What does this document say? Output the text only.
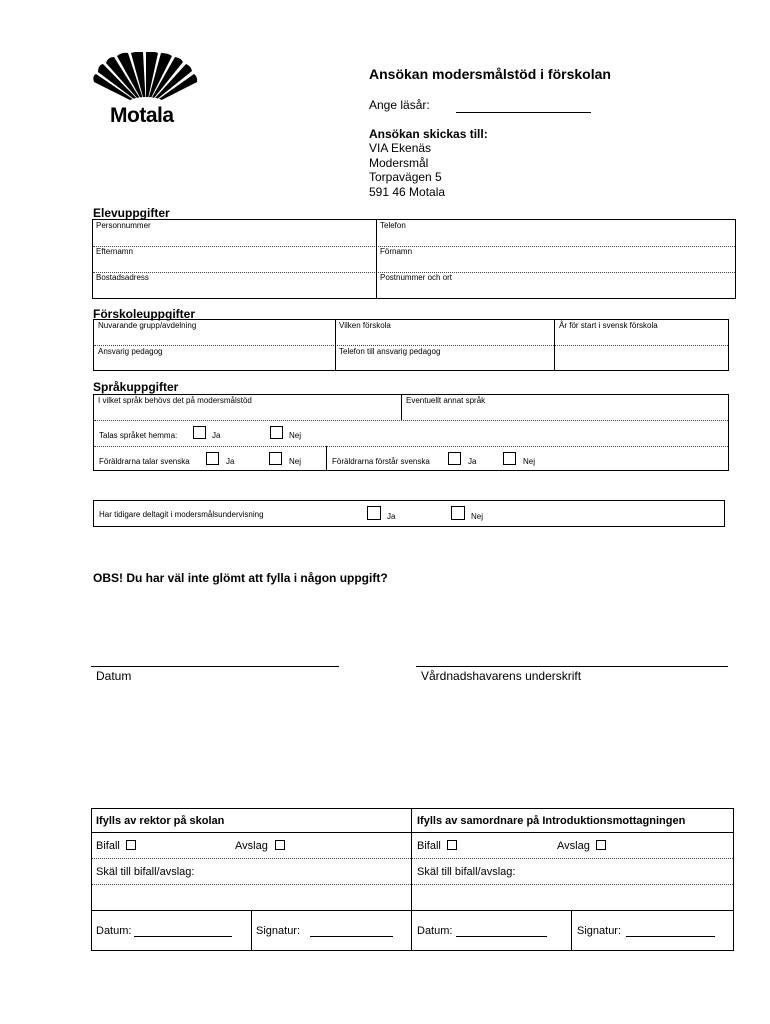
Motala
Ansökan modersmålstöd i förskolan
Ange läsår:
Ansökan skickas till:
VIA Ekenäs
Modersmål
Torpavägen 5
591 46 Motala
Elevuppgifter
Personnummer	Telefon
Efternamn	Förnamn
Bostadsadress	Postnummer och ort
Förskoleuppgifter
Nuvarande grupp/avdelning	Vilken förskola	År för start i svensk förskola
Ansvarig pedagog	Telefon till ansvarig pedagog
Språkuppgifter
I vilket språk behövs det på modersmålstöd	Eventuellt annat språk
Talas språket hemma:	Ja	Nej
Föräldrarna talar svenska	Ja	Nej	Föräldrarna förstår svenska	Ja	Nej
Har tidigare deltagit i modersmålsundervisning	Ja	Nej
OBS! Du har väl inte glömt att fylla i någon uppgift?
Datum	Vårdnadshavarens underskrift
Ifylls av rektor på skolan	Ifylls av samordnare på Introduktionsmottagningen
Bifall	Avslag	Bifall	Avslag
Skäl till bifall/avslag:	Skäl till bifall/avslag:
Datum:	Signatur:	Datum:	Signatur:
